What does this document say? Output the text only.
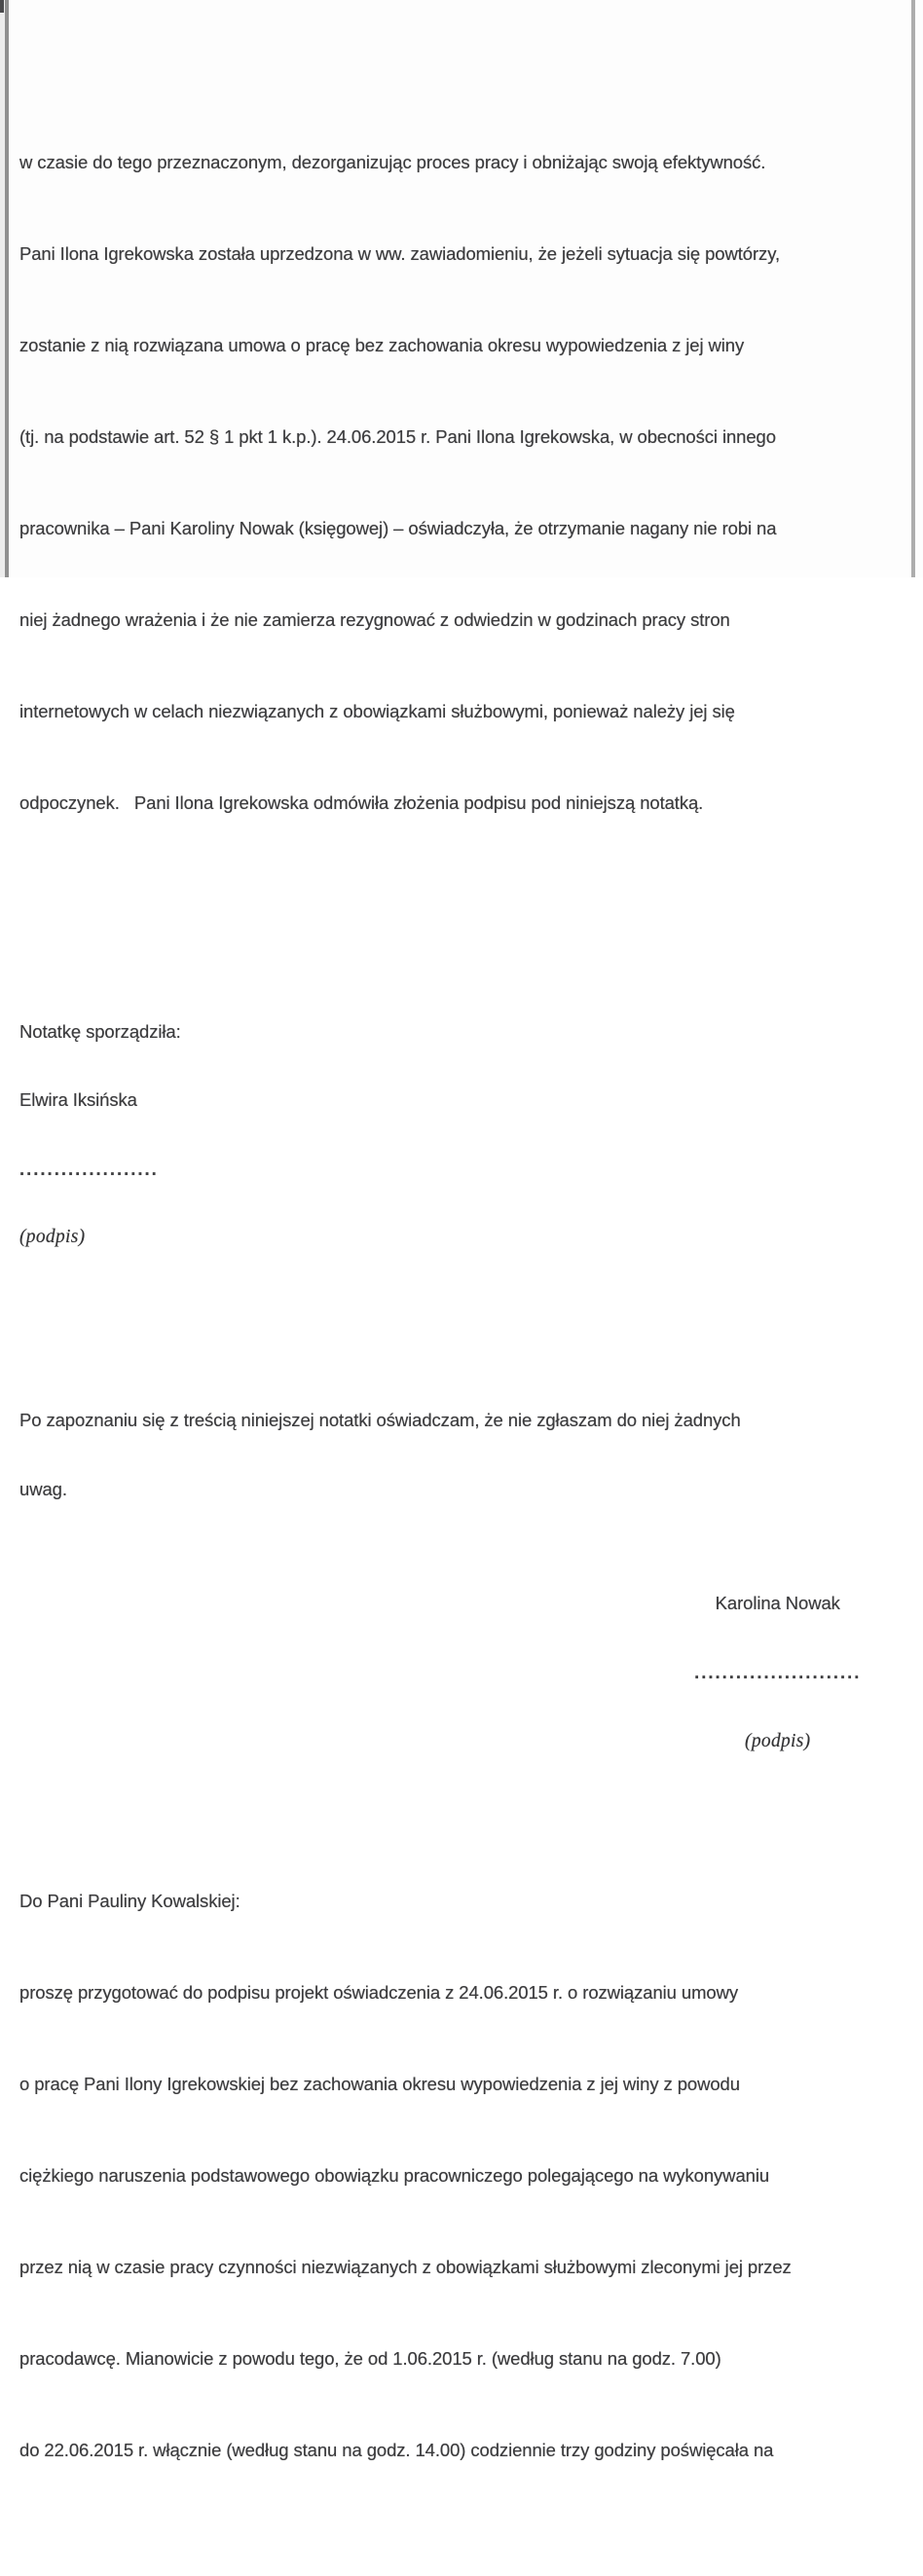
w czasie do tego przeznaczonym, dezorganizując proces pracy i obniżając swoją efektywność.

Pani Ilona Igrekowska została uprzedzona w ww. zawiadomieniu, że jeżeli sytuacja się powtórzy,

zostanie z nią rozwiązana umowa o pracę bez zachowania okresu wypowiedzenia z jej winy

(tj. na podstawie art. 52 § 1 pkt 1 k.p.). 24.06.2015 r. Pani Ilona Igrekowska, w obecności innego

pracownika – Pani Karoliny Nowak (księgowej) – oświadczyła, że otrzymanie nagany nie robi na

niej żadnego wrażenia i że nie zamierza rezygnować z odwiedzin w godzinach pracy stron

internetowych w celach niezwiązanych z obowiązkami służbowymi, ponieważ należy jej się

odpoczynek.   Pani Ilona Igrekowska odmówiła złożenia podpisu pod niniejszą notatką.

Notatkę sporządziła:

Elwira Iksińska

....................

(podpis)

Po zapoznaniu się z treścią niniejszej notatki oświadczam, że nie zgłaszam do niej żadnych

uwag.

Karolina Nowak

........................

(podpis)

Do Pani Pauliny Kowalskiej:

proszę przygotować do podpisu projekt oświadczenia z 24.06.2015 r. o rozwiązaniu umowy

o pracę Pani Ilony Igrekowskiej bez zachowania okresu wypowiedzenia z jej winy z powodu

ciężkiego naruszenia podstawowego obowiązku pracowniczego polegającego na wykonywaniu

przez nią w czasie pracy czynności niezwiązanych z obowiązkami służbowymi zleconymi jej przez

pracodawcę. Mianowicie z powodu tego, że od 1.06.2015 r. (według stanu na godz. 7.00)

do 22.06.2015 r. włącznie (według stanu na godz. 14.00) codziennie trzy godziny poświęcała na
